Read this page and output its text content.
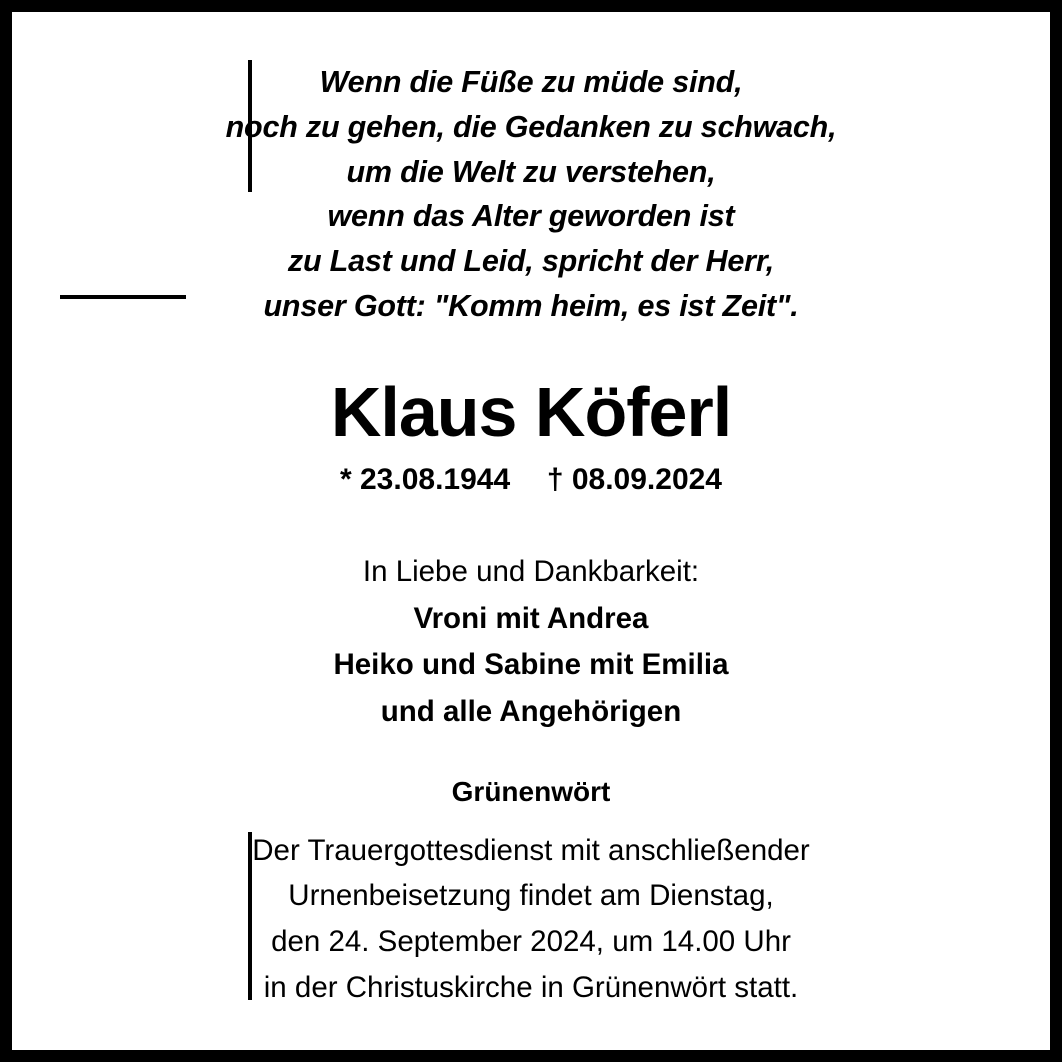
Wenn die Füße zu müde sind,
noch zu gehen, die Gedanken zu schwach,
um die Welt zu verstehen,
wenn das Alter geworden ist
zu Last und Leid, spricht der Herr,
unser Gott: "Komm heim, es ist Zeit".
Klaus Köferl
* 23.08.1944 † 08.09.2024
In Liebe und Dankbarkeit:
Vroni mit Andrea
Heiko und Sabine mit Emilia
und alle Angehörigen
Grünenwört
Der Trauergottesdienst mit anschließender
Urnenbeisetzung findet am Dienstag,
den 24. September 2024, um 14.00 Uhr
in der Christuskirche in Grünenwört statt.
